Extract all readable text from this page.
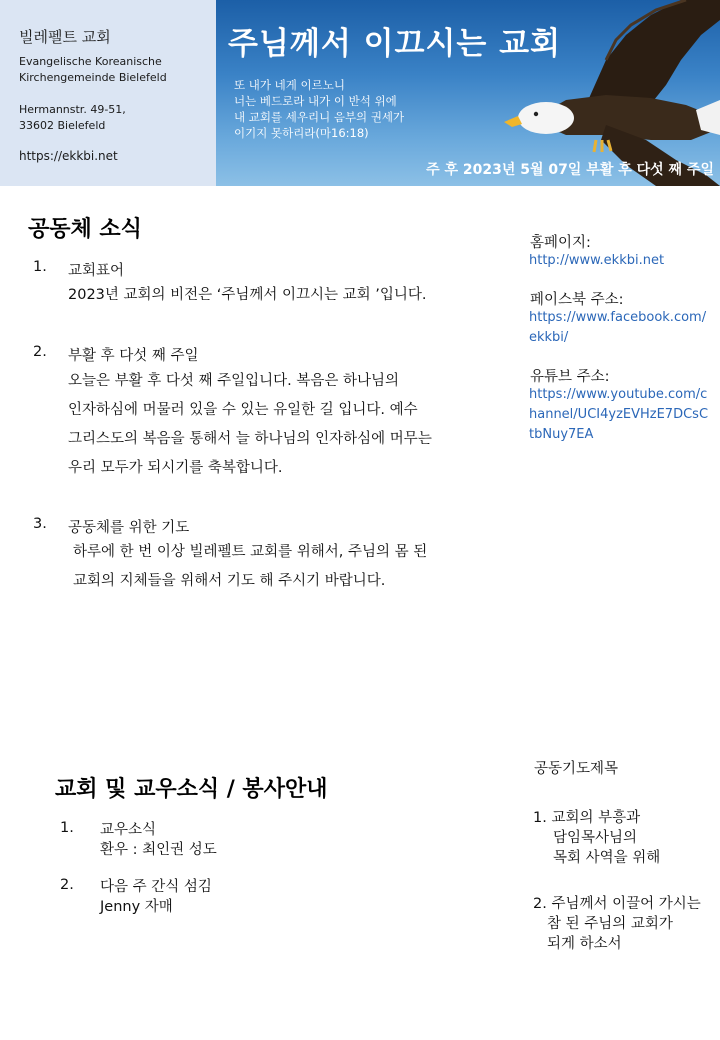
빌레펠트 교회
Evangelische Koreanische
Kirchengemeinde Bielefeld
Hermannstr. 49-51,
33602 Bielefeld
https://ekkbi.net
주님께서 이끄시는 교회
또 내가 네게 이르노니
너는 베드로라 내가 이 반석 위에
내 교회를 세우리니 음부의 권세가
이기지 못하리라(마16:18)
주 후 2023년 5월 07일 부활 후 다섯 째 주일
공동체 소식
1. 교회표어
2023년 교회의 비전은 ‘주님께서 이끄시는 교회 ’입니다.
2. 부활 후 다섯 째 주일
오늘은 부활 후 다섯 째 주일입니다. 복음은 하나님의
인자하심에 머물러 있을 수 있는 유일한 길 입니다. 예수
그리스도의 복음을 통해서 늘 하나님의 인자하심에 머무는
우리 모두가 되시기를 축복합니다.
3. 공동체를 위한 기도
하루에 한 번 이상 빌레펠트 교회를 위해서, 주님의 몸 된
교회의 지체들을 위해서 기도 해 주시기 바랍니다.
홈페이지:
http://www.ekkbi.net
페이스북 주소:
https://www.facebook.com/ekkbi/
유튜브 주소:
https://www.youtube.com/channel/UCI4yzEVHzE7DCsCtbNuy7EA
공동기도제목
1. 교회의 부흥과
담임목사님의
목회 사역을 위해
2. 주님께서 이끌어 가시는
참 된 주님의 교회가
되게 하소서
교회 및 교우소식 / 봉사안내
1. 교우소식
환우 : 최인권 성도
2. 다음 주 간식 섬김
Jenny 자매
